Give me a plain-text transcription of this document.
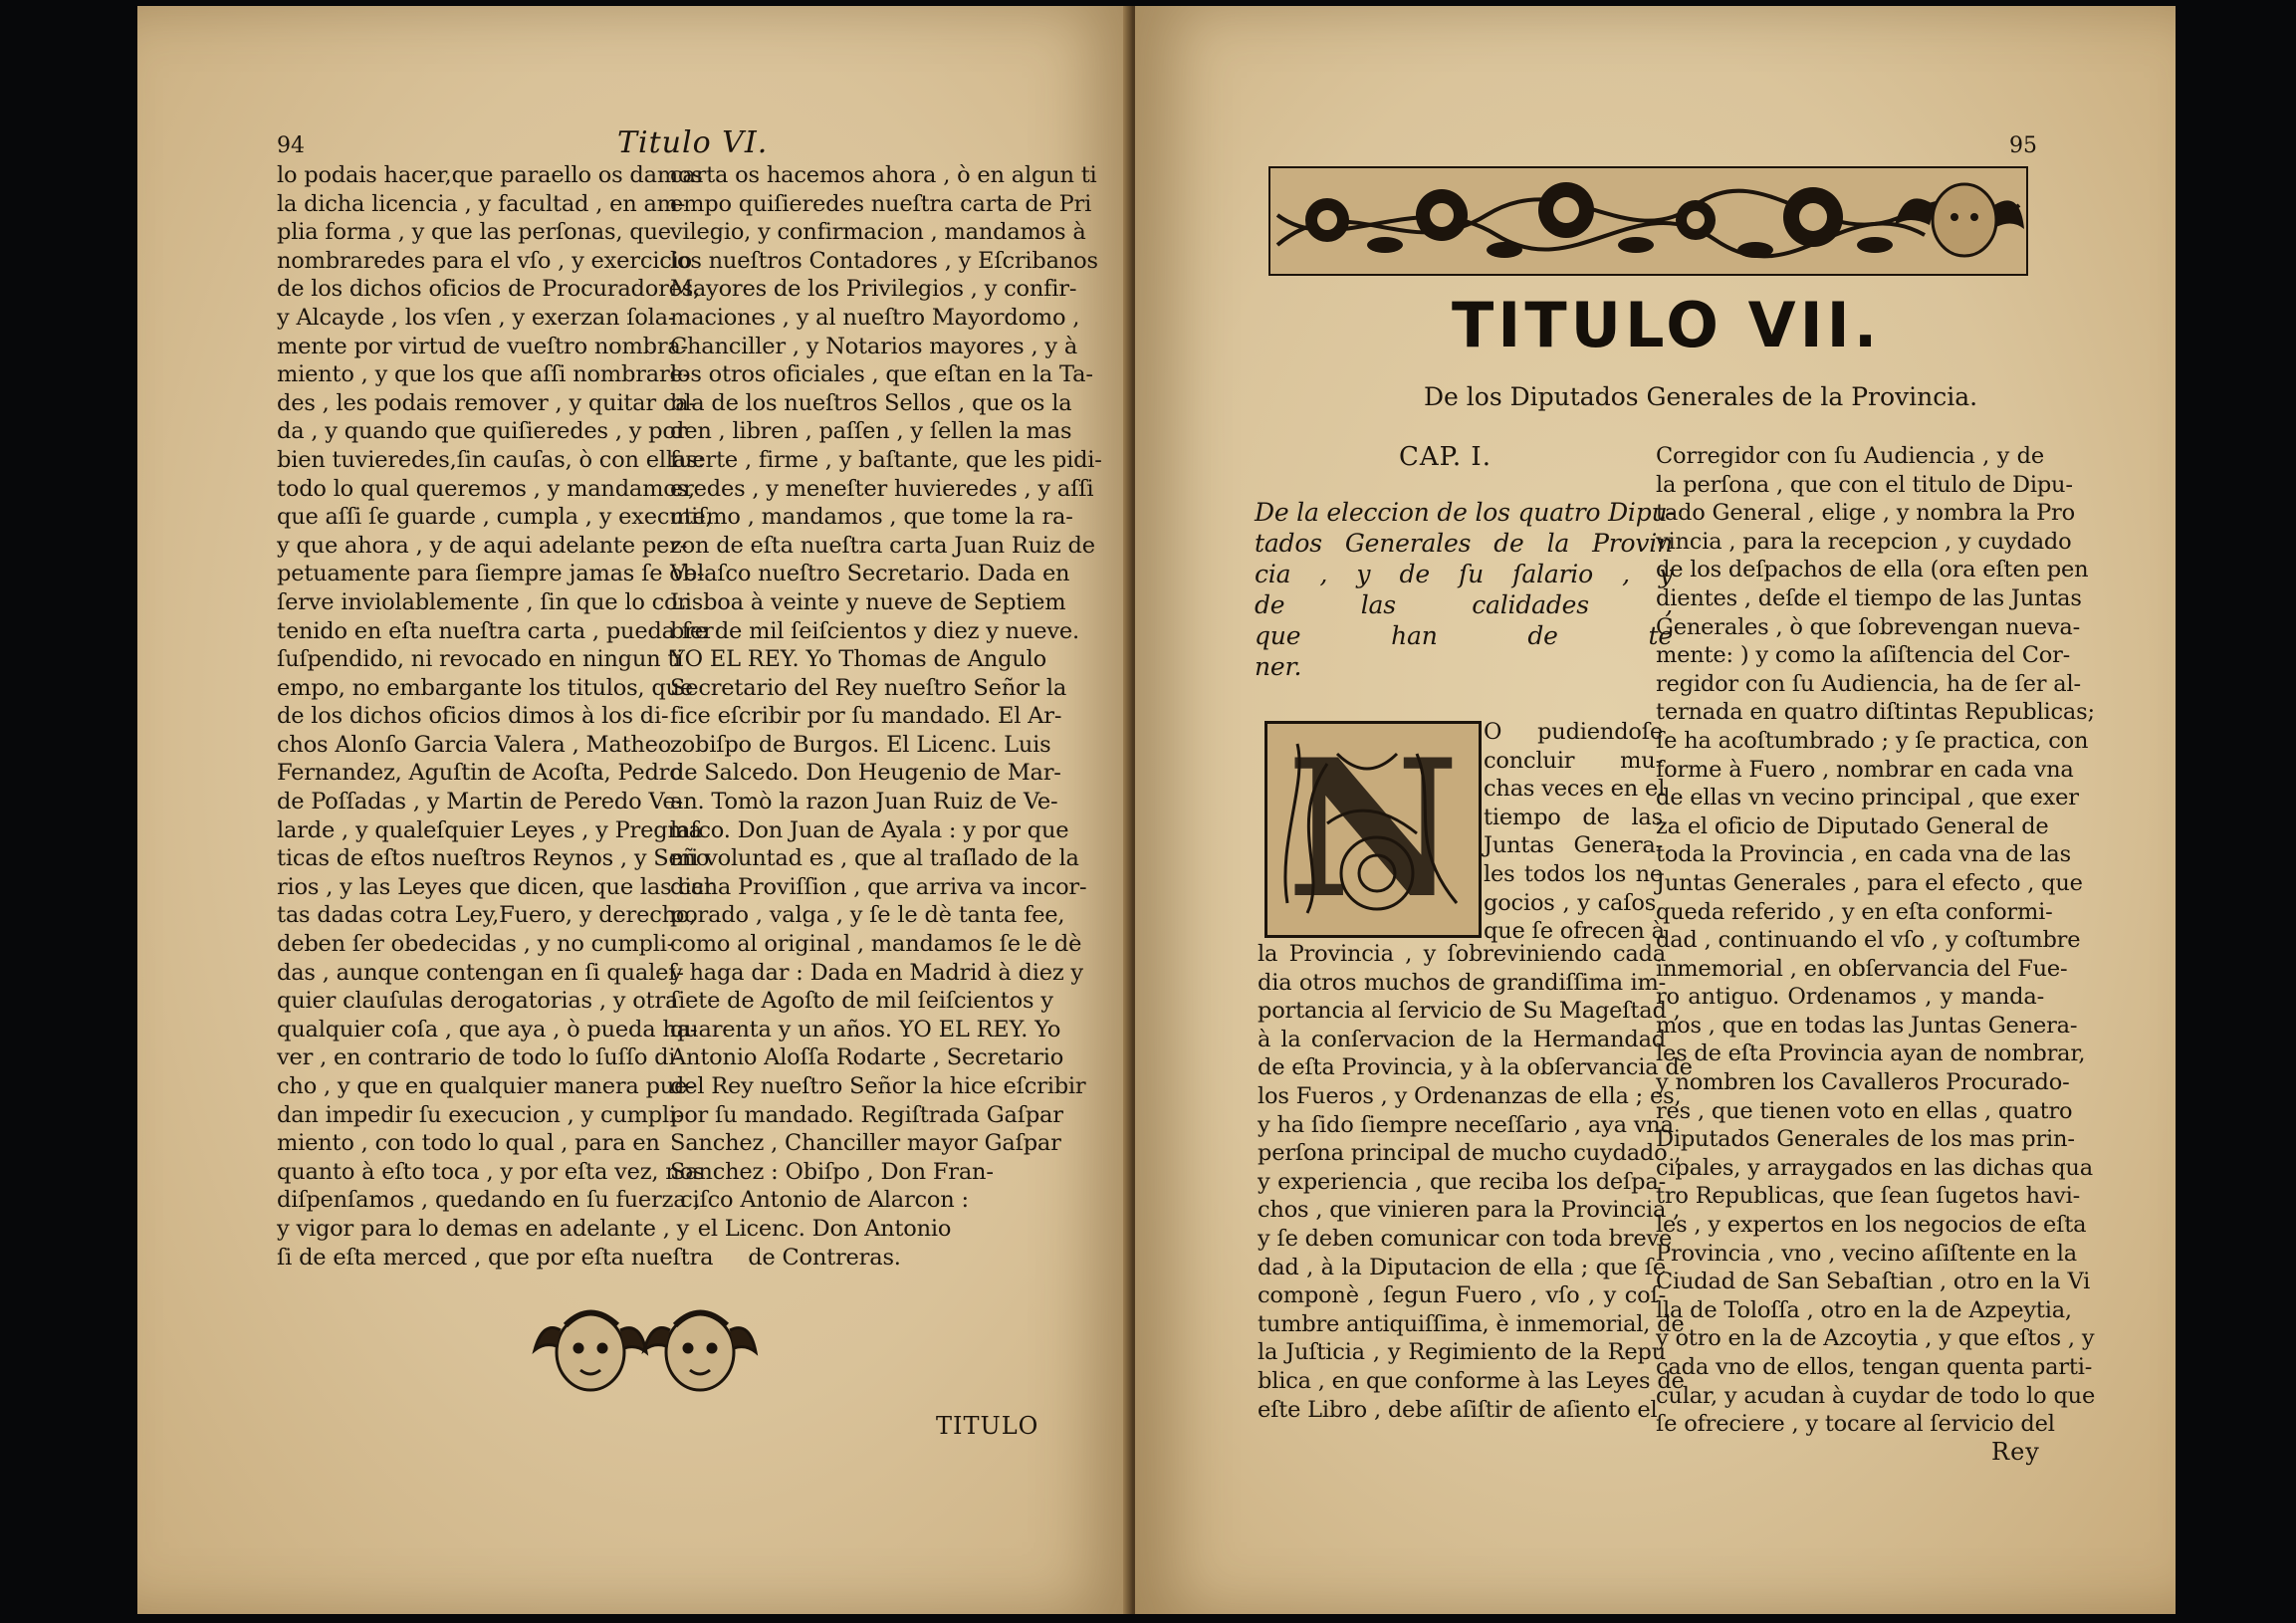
94	Titulo VI.
lo podais hacer,que paraello os damos
la dicha licencia , y facultad , en am-
plia forma , y que las perſonas, que
nombraredes para el vſo , y exercicio
de los dichos oficios de Procuradores,
y Alcayde , los vſen , y exerzan ſola-
mente por virtud de vueſtro nombra-
miento , y que los que aſſi nombrare-
des , les podais remover , y quitar ca-
da , y quando que quiſieredes , y por
bien tuvieredes,ſin cauſas, ò con ellas:
todo lo qual queremos , y mandamos,
que aſſi ſe guarde , cumpla , y execute,
y que ahora , y de aqui adelante per-
petuamente para ſiempre jamas ſe ob-
ſerve inviolablemente , ſin que lo con
tenido en eſta nueſtra carta , pueda ſer
ſuſpendido, ni revocado en ningun ti
empo, no embargante los titulos, que
de los dichos oficios dimos à los di-
chos Alonſo Garcia Valera , Matheo
Fernandez, Aguſtin de Acoſta, Pedro
de Poſſadas , y Martin de Peredo Ve-
larde , y qualeſquier Leyes , y Pregma
ticas de eſtos nueſtros Reynos , y Seño
rios , y las Leyes que dicen, que las car
tas dadas cotra Ley,Fuero, y derecho,
deben ſer obedecidas , y no cumpli-
das , aunque contengan en ſi qualeſ-
quier clauſulas derogatorias , y otra
qualquier coſa , que aya , ò pueda ha-
ver , en contrario de todo lo ſuſſo di-
cho , y que en qualquier manera pue-
dan impedir ſu execucion , y cumpli-
miento , con todo lo qual , para en
quanto à eſto toca , y por eſta vez, nos
diſpenſamos , quedando en ſu fuerza ,
y vigor para lo demas en adelante , y
ſi de eſta merced , que por eſta nueſtra
carta os hacemos ahora , ò en algun ti
empo quiſieredes nueſtra carta de Pri
vilegio, y confirmacion , mandamos à
los nueſtros Contadores , y Eſcribanos
Mayores de los Privilegios , y confir-
maciones , y al nueſtro Mayordomo ,
Chanciller , y Notarios mayores , y à
los otros oficiales , que eſtan en la Ta-
bla de los nueſtros Sellos , que os la
den , libren , paſſen , y ſellen la mas
fuerte , firme , y baſtante, que les pidi-
eredes , y meneſter huvieredes , y aſſi
miſmo , mandamos , que tome la ra-
zon de eſta nueſtra carta Juan Ruiz de
Velaſco nueſtro Secretario. Dada en
Lisboa à veinte y nueve de Septiem
bre de mil ſeiſcientos y diez y nueve.
YO EL REY. Yo Thomas de Angulo
Secretario del Rey nueſtro Señor la
fice eſcribir por ſu mandado. El Ar-
zobiſpo de Burgos. El Licenc. Luis
de Salcedo. Don Heugenio de Mar-
an. Tomò la razon Juan Ruiz de Ve-
laſco. Don Juan de Ayala : y por que
mi voluntad es , que al traſlado de la
dicha Proviſſion , que arriva va incor-
porado , valga , y ſe le dè tanta fee,
como al original , mandamos ſe le dè
y haga dar : Dada en Madrid à diez y
ſiete de Agoſto de mil ſeiſcientos y
quarenta y un años. YO EL REY. Yo
Antonio Aloſſa Rodarte , Secretario
del Rey nueſtro Señor la hice eſcribir
por ſu mandado. Regiſtrada Gaſpar
Sanchez , Chanciller mayor Gaſpar
Sanchez : Obiſpo , Don Fran-
ciſco Antonio de Alarcon :
el Licenc. Don Antonio
de Contreras.
TITULO
95
TITULO VII.
De los Diputados Generales de la Provincia.
CAP. I.
De la eleccion de los quatro Dipu-
tados Generales de la Provin
cia , y de ſu ſalario , y
de las calidades ,
que han de te
ner.
N O pudiendoſe
concluir mu-
chas veces en el
tiempo de las
Juntas Genera-
les todos los ne
gocios , y caſos,
que ſe ofrecen à
la Provincia , y ſobreviniendo cada
dia otros muchos de grandiſſima im-
portancia al ſervicio de Su Mageſtad ,
à la conſervacion de la Hermandad
de eſta Provincia, y à la obſervancia de
los Fueros , y Ordenanzas de ella ; es,
y ha ſido ſiempre neceſſario , aya vna
perſona principal de mucho cuydado ,
y experiencia , que reciba los deſpa-
chos , que vinieren para la Provincia ,
y ſe deben comunicar con toda breve
dad , à la Diputacion de ella ; que ſe
componè , ſegun Fuero , vſo , y coſ-
tumbre antiquiſſima, è inmemorial, de
la Juſticia , y Regimiento de la Repu
blica , en que conforme à las Leyes de
eſte Libro , debe aſiſtir de aſiento el
Corregidor con ſu Audiencia , y de
la perſona , que con el titulo de Dipu-
tado General , elige , y nombra la Pro
vincia , para la recepcion , y cuydado
de los deſpachos de ella (ora eſten pen
dientes , deſde el tiempo de las Juntas
Generales , ò que ſobrevengan nueva-
mente: ) y como la aſiſtencia del Cor-
regidor con ſu Audiencia, ha de ſer al-
ternada en quatro diſtintas Republicas;
ſe ha acoſtumbrado ; y ſe practica, con
forme à Fuero , nombrar en cada vna
de ellas vn vecino principal , que exer
za el oficio de Diputado General de
toda la Provincia , en cada vna de las
Juntas Generales , para el efecto , que
queda referido , y en eſta conformi-
dad , continuando el vſo , y coſtumbre
inmemorial , en obſervancia del Fue-
ro antiguo. Ordenamos , y manda-
mos , que en todas las Juntas Genera-
les de eſta Provincia ayan de nombrar,
y nombren los Cavalleros Procurado-
res , que tienen voto en ellas , quatro
Diputados Generales de los mas prin-
cipales, y arraygados en las dichas qua
tro Republicas, que ſean ſugetos havi-
les , y expertos en los negocios de eſta
Provincia , vno , vecino aſiſtente en la
Ciudad de San Sebaſtian , otro en la Vi
lla de Toloſſa , otro en la de Azpeytia,
y otro en la de Azcoytia , y que eſtos , y
cada vno de ellos, tengan quenta parti-
cular, y acudan à cuydar de todo lo que
ſe ofreciere , y tocare al ſervicio del
Rey
